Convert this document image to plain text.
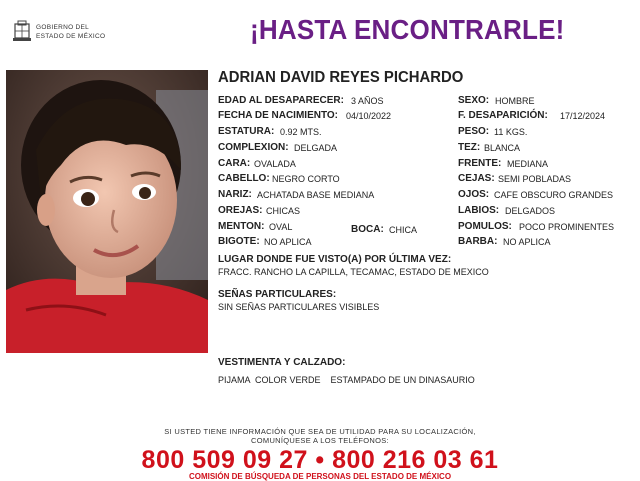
GOBIERNO DEL
ESTADO DE MÉXICO	¡HASTA ENCONTRARLE!
ADRIAN DAVID REYES PICHARDO
EDAD AL DESAPARECER: 3 AÑOS
FECHA DE NACIMIENTO: 04/10/2022
ESTATURA: 0.92 MTS.
COMPLEXION: DELGADA
CARA: OVALADA
CABELLO: NEGRO CORTO
NARIZ: ACHATADA BASE MEDIANA
OREJAS: CHICAS
MENTON: OVAL	BOCA: CHICA
BIGOTE: NO APLICA
SEXO: HOMBRE
F. DESAPARICIÓN: 17/12/2024
PESO: 11 KGS.
TEZ: BLANCA
FRENTE: MEDIANA
CEJAS: SEMI POBLADAS
OJOS: CAFE OBSCURO GRANDES
LABIOS: DELGADOS
POMULOS: POCO PROMINENTES
BARBA: NO APLICA
LUGAR DONDE FUE VISTO(A) POR ÚLTIMA VEZ:
FRACC. RANCHO LA CAPILLA, TECAMAC, ESTADO DE MEXICO
SEÑAS PARTICULARES:
SIN SEÑAS PARTICULARES VISIBLES
VESTIMENTA Y CALZADO:
PIJAMA  COLOR VERDE    ESTAMPADO DE UN DINASAURIO
SI USTED TIENE INFORMACIÓN QUE SEA DE UTILIDAD PARA SU LOCALIZACIÓN,
COMUNÍQUESE A LOS TELÉFONOS:
800 509 09 27 • 800 216 03 61
COMISIÓN DE BÚSQUEDA DE PERSONAS DEL ESTADO DE MÉXICO
